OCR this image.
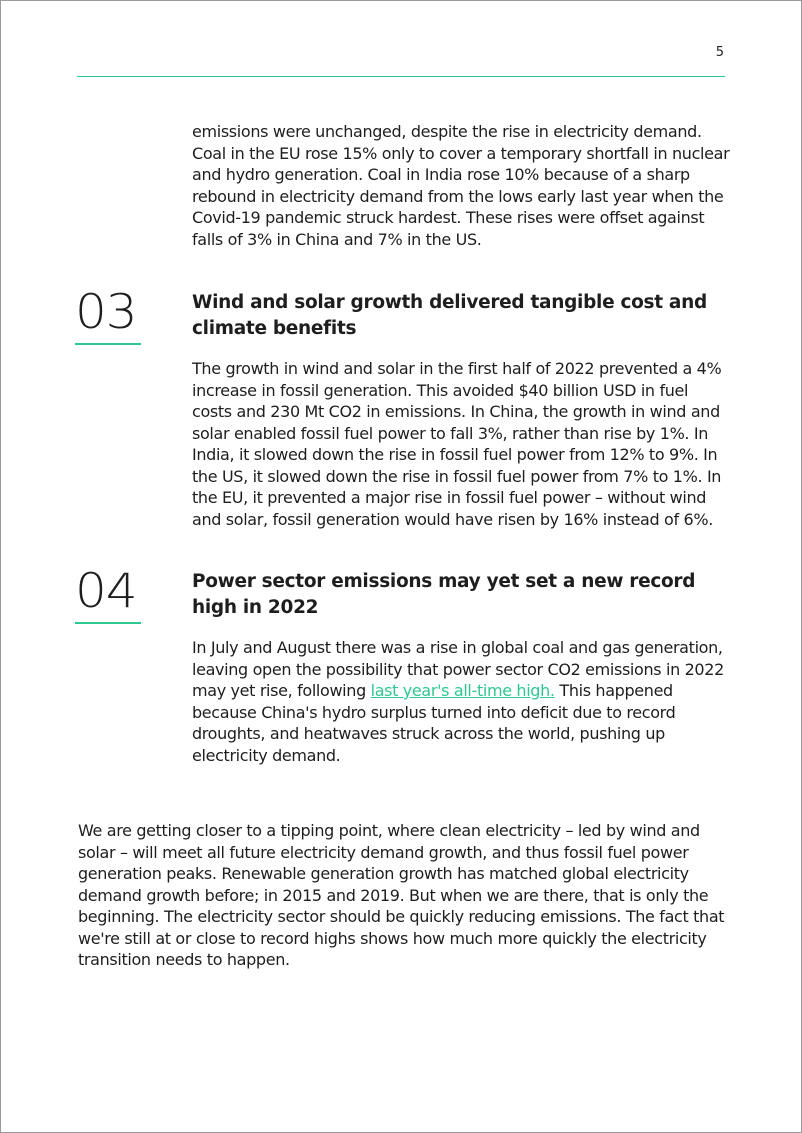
5

emissions were unchanged, despite the rise in electricity demand. Coal in the EU rose 15% only to cover a temporary shortfall in nuclear and hydro generation. Coal in India rose 10% because of a sharp rebound in electricity demand from the lows early last year when the Covid-19 pandemic struck hardest. These rises were offset against falls of 3% in China and 7% in the US.

03	Wind and solar growth delivered tangible cost and climate benefits

The growth in wind and solar in the first half of 2022 prevented a 4% increase in fossil generation. This avoided $40 billion USD in fuel costs and 230 Mt CO2 in emissions. In China, the growth in wind and solar enabled fossil fuel power to fall 3%, rather than rise by 1%. In India, it slowed down the rise in fossil fuel power from 12% to 9%. In the US, it slowed down the rise in fossil fuel power from 7% to 1%. In the EU, it prevented a major rise in fossil fuel power – without wind and solar, fossil generation would have risen by 16% instead of 6%.

04	Power sector emissions may yet set a new record high in 2022

In July and August there was a rise in global coal and gas generation, leaving open the possibility that power sector CO2 emissions in 2022 may yet rise, following last year's all-time high. This happened because China's hydro surplus turned into deficit due to record droughts, and heatwaves struck across the world, pushing up electricity demand.

We are getting closer to a tipping point, where clean electricity – led by wind and solar – will meet all future electricity demand growth, and thus fossil fuel power generation peaks. Renewable generation growth has matched global electricity demand growth before; in 2015 and 2019. But when we are there, that is only the beginning. The electricity sector should be quickly reducing emissions. The fact that we're still at or close to record highs shows how much more quickly the electricity transition needs to happen.
